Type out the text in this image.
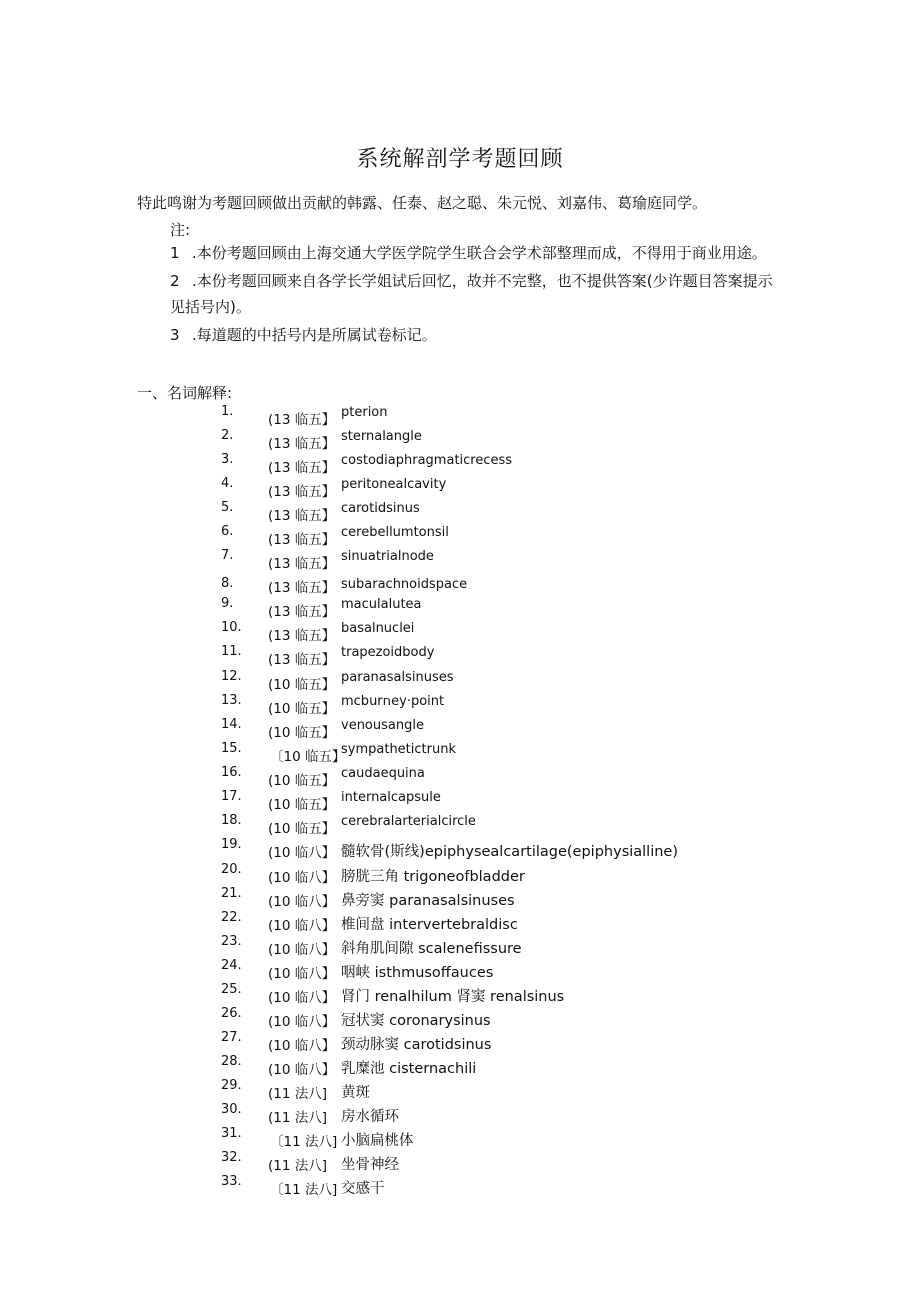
系统解剖学考题回顾
特此鸣谢为考题回顾做出贡献的韩露、任泰、赵之聪、朱元悦、刘嘉伟、葛瑜庭同学。
注:
1 .本份考题回顾由上海交通大学医学院学生联合会学术部整理而成，不得用于商业用途。
2 .本份考题回顾来自各学长学姐试后回忆，故并不完整，也不提供答案(少许题目答案提示
见括号内)。
3 .每道题的中括号内是所属试卷标记。
一、名词解释:
1.
(13 临五】 pterion
2.
(13 临五】 sternalangle
3.
(13 临五】 costodiaphragmaticrecess
4.
(13 临五】 peritonealcavity
5.
(13 临五】 carotidsinus
6.
(13 临五】 cerebellumtonsil
7.
(13 临五】 sinuatrialnode
8.	(13 临五】 subarachnoidspace
9.
(13 临五】 maculalutea
10.
(13 临五】 basalnuclei
11.
(13 临五】 trapezoidbody
12.
(10 临五】 paranasalsinuses
13.
(10 临五】 mcburחey·point
14.
(10 临五】 venousangle
15.
〔10 临五】
sympathetictrunk
16.
(10 临五】 caudaequina
17.
(10 临五】 internalcapsule
18.
(10 临五】 cerebralarterialcircle
19.
(10 临八】 髓软骨(斯线)epiphysealcartilage(epiphysialline)
20.
(10 临八】 膀胱三角 trigoneofbladder
21.
(10 临八】 鼻旁窦 paranasalsinuses
22.
(10 临八】 椎间盘 intervertebraldisc
23.
(10 临八】 斜角肌间隙 scalenefissure
24.
(10 临八】 咽峡 isthmusoffauces
25.
(10 临八】 肾门 renalhilum 肾窦 renalsinus
26.
(10 临八】 冠状窦 coronarysinus
27.
(10 临八】 颈动脉窦 carotidsinus
28.
(10 临八】 乳糜池 cisternachili
29.
(11 法八] 黄斑
30.
(11 法八] 房水循环
31.
〔11 法八] 小脑扁桃体
32.
(11 法八] 坐骨神经
33.
〔11 法八] 交感干
